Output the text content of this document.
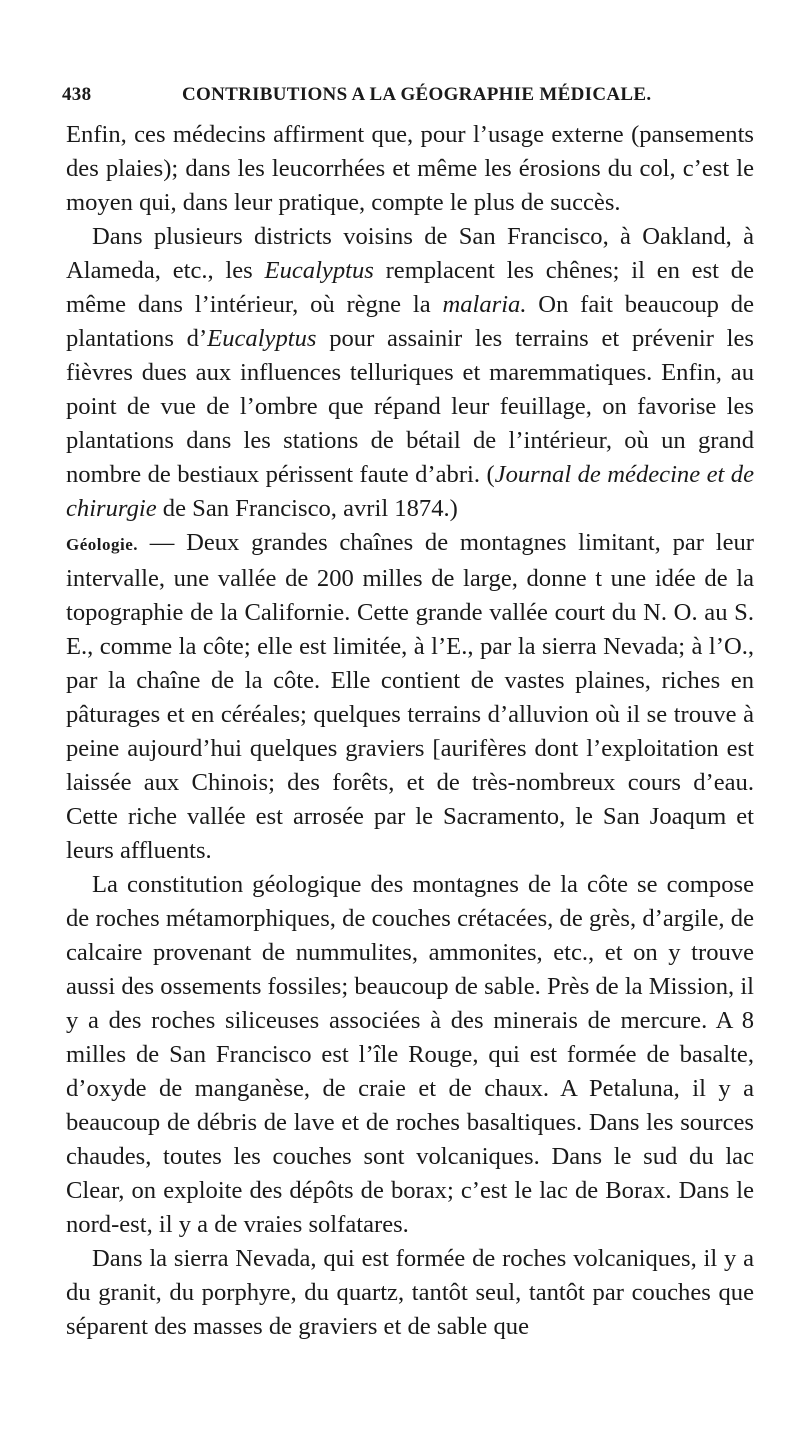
438	CONTRIBUTIONS A LA GÉOGRAPHIE MÉDICALE.

Enfin, ces médecins affirment que, pour l’usage externe (pansements des plaies); dans les leucorrhées et même les érosions du col, c’est le moyen qui, dans leur pratique, compte le plus de succès.

Dans plusieurs districts voisins de San Francisco, à Oakland, à Alameda, etc., les Eucalyptus remplacent les chênes; il en est de même dans l’intérieur, où règne la malaria. On fait beaucoup de plantations d’Eucalyptus pour assainir les terrains et prévenir les fièvres dues aux influences telluriques et maremmatiques. Enfin, au point de vue de l’ombre que répand leur feuillage, on favorise les plantations dans les stations de bétail de l’intérieur, où un grand nombre de bestiaux périssent faute d’abri. (Journal de médecine et de chirurgie de San Francisco, avril 1874.)

Géologie. — Deux grandes chaînes de montagnes limitant, par leur intervalle, une vallée de 200 milles de large, donne t une idée de la topographie de la Californie. Cette grande vallée court du N. O. au S. E., comme la côte; elle est limitée, à l’E., par la sierra Nevada; à l’O., par la chaîne de la côte. Elle contient de vastes plaines, riches en pâturages et en céréales; quelques terrains d’alluvion où il se trouve à peine aujourd’hui quelques graviers [aurifères dont l’exploitation est laissée aux Chinois; des forêts, et de très-nombreux cours d’eau. Cette riche vallée est arrosée par le Sacramento, le San Joaqum et leurs affluents.

La constitution géologique des montagnes de la côte se compose de roches métamorphiques, de couches crétacées, de grès, d’argile, de calcaire provenant de nummulites, ammonites, etc., et on y trouve aussi des ossements fossiles; beaucoup de sable. Près de la Mission, il y a des roches siliceuses associées à des minerais de mercure. A 8 milles de San Francisco est l’île Rouge, qui est formée de basalte, d’oxyde de manganèse, de craie et de chaux. A Petaluna, il y a beaucoup de débris de lave et de roches basaltiques. Dans les sources chaudes, toutes les couches sont volcaniques. Dans le sud du lac Clear, on exploite des dépôts de borax; c’est le lac de Borax. Dans le nord-est, il y a de vraies solfatares.

Dans la sierra Nevada, qui est formée de roches volcaniques, il y a du granit, du porphyre, du quartz, tantôt seul, tantôt par couches que séparent des masses de graviers et de sable que
